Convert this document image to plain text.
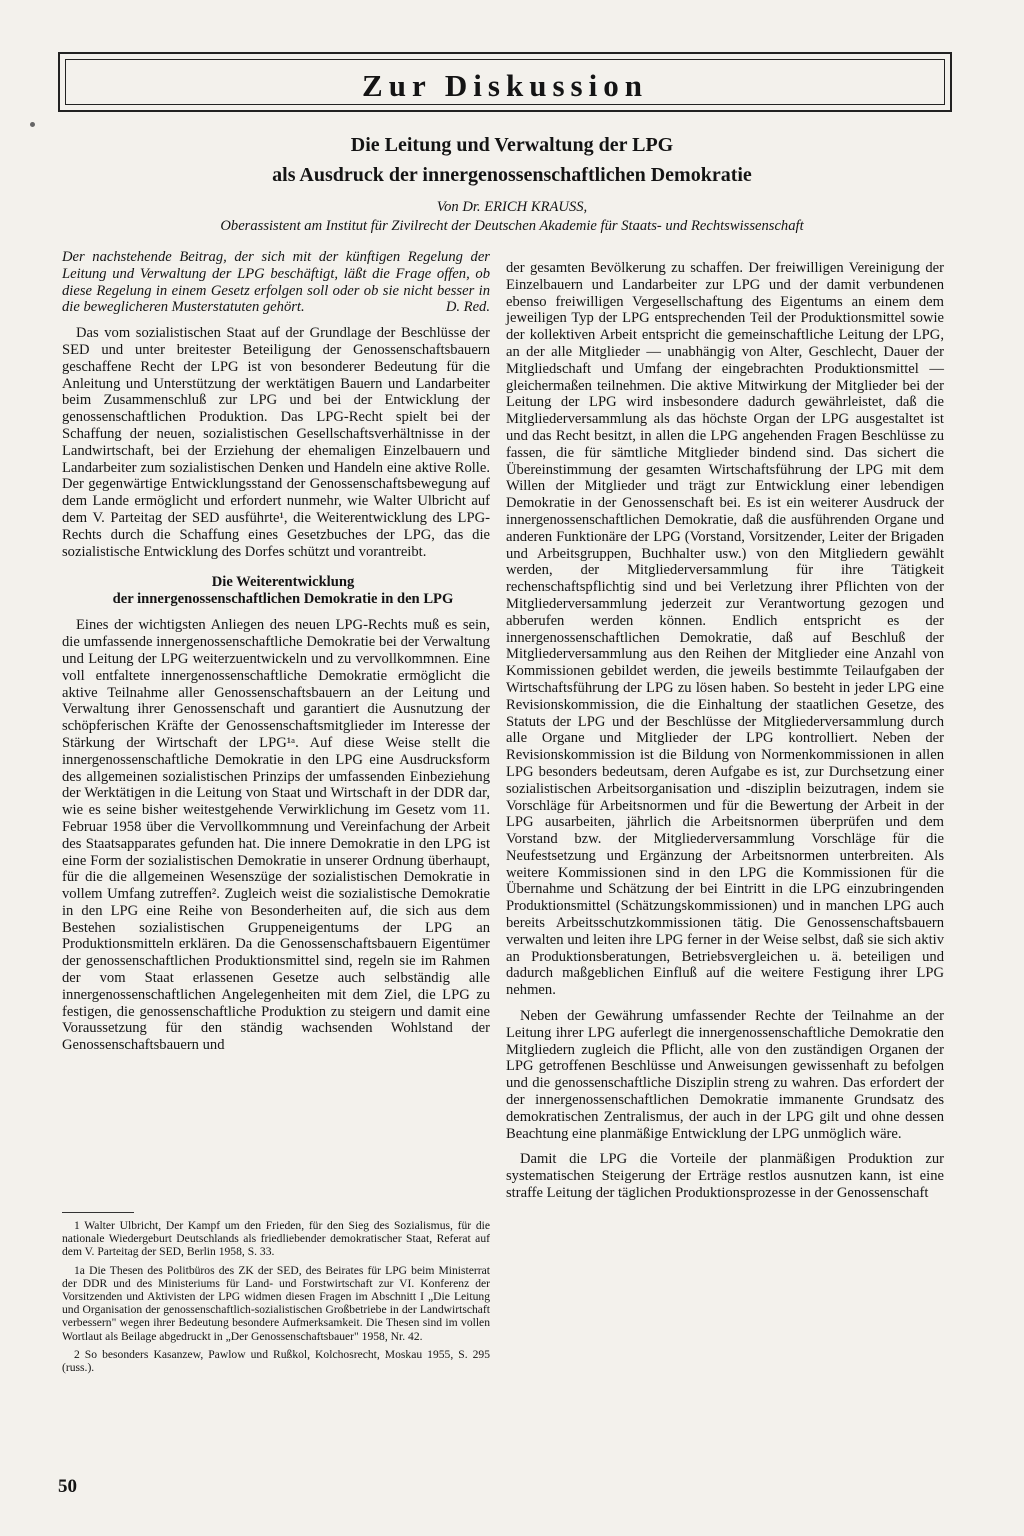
Zur Diskussion
Die Leitung und Verwaltung der LPG
als Ausdruck der innergenossenschaftlichen Demokratie
Von Dr. ERICH KRAUSS,
Oberassistent am Institut für Zivilrecht der Deutschen Akademie für Staats- und Rechtswissenschaft

Der nachstehende Beitrag, der sich mit der künftigen Regelung der Leitung und Verwaltung der LPG beschäftigt, läßt die Frage offen, ob diese Regelung in einem Gesetz erfolgen soll oder ob sie nicht besser in die beweglicheren Musterstatuten gehört.	D. Red.

Das vom sozialistischen Staat auf der Grundlage der Beschlüsse der SED und unter breitester Beteiligung der Genossenschaftsbauern geschaffene Recht der LPG ist von besonderer Bedeutung für die Anleitung und Unterstützung der werktätigen Bauern und Landarbeiter beim Zusammenschluß zur LPG und bei der Entwicklung der genossenschaftlichen Produktion. Das LPG-Recht spielt bei der Schaffung der neuen, sozialistischen Gesellschaftsverhältnisse in der Landwirtschaft, bei der Erziehung der ehemaligen Einzelbauern und Landarbeiter zum sozialistischen Denken und Handeln eine aktive Rolle. Der gegenwärtige Entwicklungsstand der Genossenschaftsbewegung auf dem Lande ermöglicht und erfordert nunmehr, wie Walter Ulbricht auf dem V. Parteitag der SED ausführte¹, die Weiterentwicklung des LPG-Rechts durch die Schaffung eines Gesetzbuches der LPG, das die sozialistische Entwicklung des Dorfes schützt und vorantreibt.

Die Weiterentwicklung

der innergenossenschaftlichen Demokratie in den LPG

Eines der wichtigsten Anliegen des neuen LPG-Rechts muß es sein, die umfassende innergenossenschaftliche Demokratie bei der Verwaltung und Leitung der LPG weiterzuentwickeln und zu vervollkommnen. Eine voll entfaltete innergenossenschaftliche Demokratie ermöglicht die aktive Teilnahme aller Genossenschaftsbauern an der Leitung und Verwaltung ihrer Genossenschaft und garantiert die Ausnutzung der schöpferischen Kräfte der Genossenschaftsmitglieder im Interesse der Stärkung der Wirtschaft der LPG¹ᵃ. Auf diese Weise stellt die innergenossenschaftliche Demokratie in den LPG eine Ausdrucksform des allgemeinen sozialistischen Prinzips der umfassenden Einbeziehung der Werktätigen in die Leitung von Staat und Wirtschaft in der DDR dar, wie es seine bisher weitestgehende Verwirklichung im Gesetz vom 11. Februar 1958 über die Vervollkommnung und Vereinfachung der Arbeit des Staatsapparates gefunden hat. Die innere Demokratie in den LPG ist eine Form der sozialistischen Demokratie in unserer Ordnung überhaupt, für die die allgemeinen Wesenszüge der sozialistischen Demokratie in vollem Umfang zutreffen². Zugleich weist die sozialistische Demokratie in den LPG eine Reihe von Besonderheiten auf, die sich aus dem Bestehen sozialistischen Gruppeneigentums der LPG an Produktionsmitteln erklären. Da die Genossenschaftsbauern Eigentümer der genossenschaftlichen Produktionsmittel sind, regeln sie im Rahmen der vom Staat erlassenen Gesetze auch selbständig alle innergenossenschaftlichen Angelegenheiten mit dem Ziel, die LPG zu festigen, die genossenschaftliche Produktion zu steigern und damit eine Voraussetzung für den ständig wachsenden Wohlstand der Genossenschaftsbauern und

1 Walter Ulbricht, Der Kampf um den Frieden, für den Sieg des Sozialismus, für die nationale Wiedergeburt Deutschlands als friedliebender demokratischer Staat, Referat auf dem V. Parteitag der SED, Berlin 1958, S. 33.

1a Die Thesen des Politbüros des ZK der SED, des Beirates für LPG beim Ministerrat der DDR und des Ministeriums für Land- und Forstwirtschaft zur VI. Konferenz der Vorsitzenden und Aktivisten der LPG widmen diesen Fragen im Abschnitt I „Die Leitung und Organisation der genossenschaftlich-sozialistischen Großbetriebe in der Landwirtschaft verbessern" wegen ihrer Bedeutung besondere Aufmerksamkeit. Die Thesen sind im vollen Wortlaut als Beilage abgedruckt in „Der Genossenschaftsbauer" 1958, Nr. 42.

2 So besonders Kasanzew, Pawlow und Rußkol, Kolchosrecht, Moskau 1955, S. 295 (russ.).

der gesamten Bevölkerung zu schaffen. Der freiwilligen Vereinigung der Einzelbauern und Landarbeiter zur LPG und der damit verbundenen ebenso freiwilligen Vergesellschaftung des Eigentums an einem dem jeweiligen Typ der LPG entsprechenden Teil der Produktionsmittel sowie der kollektiven Arbeit entspricht die gemeinschaftliche Leitung der LPG, an der alle Mitglieder — unabhängig von Alter, Geschlecht, Dauer der Mitgliedschaft und Umfang der eingebrachten Produktionsmittel — gleichermaßen teilnehmen. Die aktive Mitwirkung der Mitglieder bei der Leitung der LPG wird insbesondere dadurch gewährleistet, daß die Mitgliederversammlung als das höchste Organ der LPG ausgestaltet ist und das Recht besitzt, in allen die LPG angehenden Fragen Beschlüsse zu fassen, die für sämtliche Mitglieder bindend sind. Das sichert die Übereinstimmung der gesamten Wirtschaftsführung der LPG mit dem Willen der Mitglieder und trägt zur Entwicklung einer lebendigen Demokratie in der Genossenschaft bei. Es ist ein weiterer Ausdruck der innergenossenschaftlichen Demokratie, daß die ausführenden Organe und anderen Funktionäre der LPG (Vorstand, Vorsitzender, Leiter der Brigaden und Arbeitsgruppen, Buchhalter usw.) von den Mitgliedern gewählt werden, der Mitgliederversammlung für ihre Tätigkeit rechenschaftspflichtig sind und bei Verletzung ihrer Pflichten von der Mitgliederversammlung jederzeit zur Verantwortung gezogen und abberufen werden können. Endlich entspricht es der innergenossenschaftlichen Demokratie, daß auf Beschluß der Mitgliederversammlung aus den Reihen der Mitglieder eine Anzahl von Kommissionen gebildet werden, die jeweils bestimmte Teilaufgaben der Wirtschaftsführung der LPG zu lösen haben. So besteht in jeder LPG eine Revisionskommission, die die Einhaltung der staatlichen Gesetze, des Statuts der LPG und der Beschlüsse der Mitgliederversammlung durch alle Organe und Mitglieder der LPG kontrolliert. Neben der Revisionskommission ist die Bildung von Normenkommissionen in allen LPG besonders bedeutsam, deren Aufgabe es ist, zur Durchsetzung einer sozialistischen Arbeitsorganisation und -disziplin beizutragen, indem sie Vorschläge für Arbeitsnormen und für die Bewertung der Arbeit in der LPG ausarbeiten, jährlich die Arbeitsnormen überprüfen und dem Vorstand bzw. der Mitgliederversammlung Vorschläge für die Neufestsetzung und Ergänzung der Arbeitsnormen unterbreiten. Als weitere Kommissionen sind in den LPG die Kommissionen für die Übernahme und Schätzung der bei Eintritt in die LPG einzubringenden Produktionsmittel (Schätzungskommissionen) und in manchen LPG auch bereits Arbeitsschutzkommissionen tätig. Die Genossenschaftsbauern verwalten und leiten ihre LPG ferner in der Weise selbst, daß sie sich aktiv an Produktionsberatungen, Betriebsvergleichen u. ä. beteiligen und dadurch maßgeblichen Einfluß auf die weitere Festigung ihrer LPG nehmen.

Neben der Gewährung umfassender Rechte der Teilnahme an der Leitung ihrer LPG auferlegt die innergenossenschaftliche Demokratie den Mitgliedern zugleich die Pflicht, alle von den zuständigen Organen der LPG getroffenen Beschlüsse und Anweisungen gewissenhaft zu befolgen und die genossenschaftliche Disziplin streng zu wahren. Das erfordert der der innergenossenschaftlichen Demokratie immanente Grundsatz des demokratischen Zentralismus, der auch in der LPG gilt und ohne dessen Beachtung eine planmäßige Entwicklung der LPG unmöglich wäre.

Damit die LPG die Vorteile der planmäßigen Produktion zur systematischen Steigerung der Erträge restlos ausnutzen kann, ist eine straffe Leitung der täglichen Produktionsprozesse in der Genossenschaft

50
